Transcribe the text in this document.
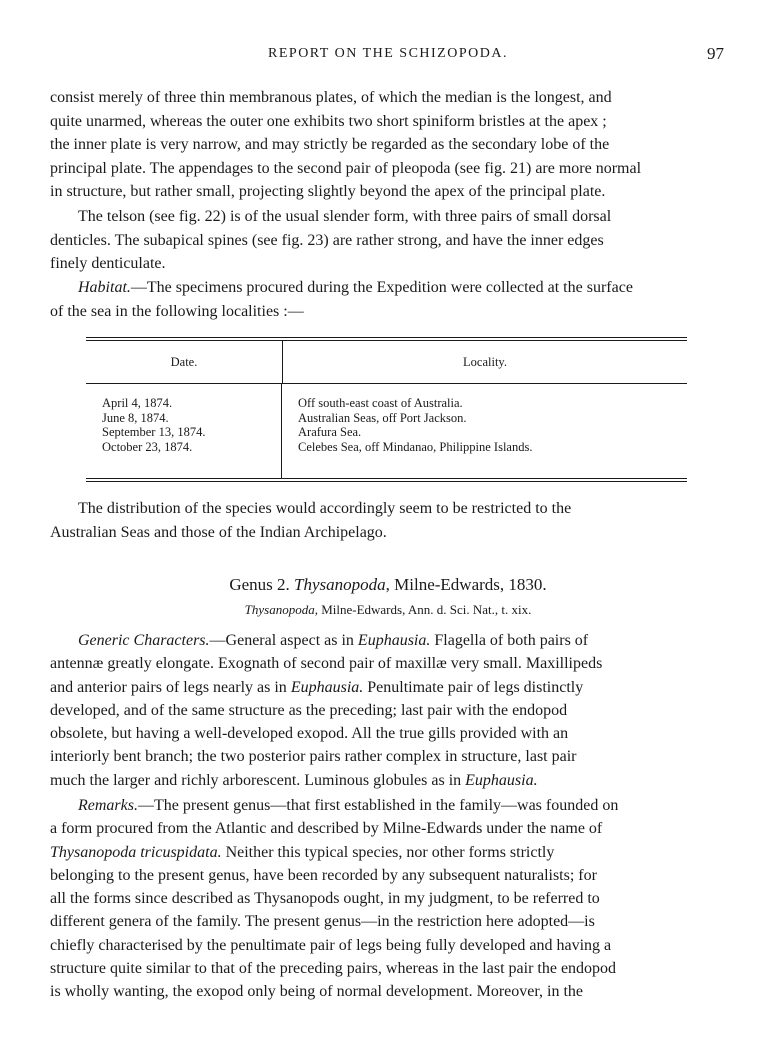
REPORT ON THE SCHIZOPODA.	97

consist merely of three thin membranous plates, of which the median is the longest, and

quite unarmed, whereas the outer one exhibits two short spiniform bristles at the apex ;

the inner plate is very narrow, and may strictly be regarded as the secondary lobe of the

principal plate. The appendages to the second pair of pleopoda (see fig. 21) are more normal

in structure, but rather small, projecting slightly beyond the apex of the principal plate.

The telson (see fig. 22) is of the usual slender form, with three pairs of small dorsal

denticles. The subapical spines (see fig. 23) are rather strong, and have the inner edges

finely denticulate.

Habitat.—The specimens procured during the Expedition were collected at the surface

of the sea in the following localities :—

Date.	Locality.
April 4, 1874.
June 8, 1874.
September 13, 1874.
October 23, 1874.
Off south-east coast of Australia.
Australian Seas, off Port Jackson.
Arafura Sea.
Celebes Sea, off Mindanao, Philippine Islands.

The distribution of the species would accordingly seem to be restricted to the

Australian Seas and those of the Indian Archipelago.

Genus 2. Thysanopoda, Milne-Edwards, 1830.
Thysanopoda, Milne-Edwards, Ann. d. Sci. Nat., t. xix.

Generic Characters.—General aspect as in Euphausia. Flagella of both pairs of

antennæ greatly elongate. Exognath of second pair of maxillæ very small. Maxillipeds

and anterior pairs of legs nearly as in Euphausia. Penultimate pair of legs distinctly

developed, and of the same structure as the preceding; last pair with the endopod

obsolete, but having a well-developed exopod. All the true gills provided with an

interiorly bent branch; the two posterior pairs rather complex in structure, last pair

much the larger and richly arborescent. Luminous globules as in Euphausia.

Remarks.—The present genus—that first established in the family—was founded on

a form procured from the Atlantic and described by Milne-Edwards under the name of

Thysanopoda tricuspidata. Neither this typical species, nor other forms strictly

belonging to the present genus, have been recorded by any subsequent naturalists; for

all the forms since described as Thysanopods ought, in my judgment, to be referred to

different genera of the family. The present genus—in the restriction here adopted—is

chiefly characterised by the penultimate pair of legs being fully developed and having a

structure quite similar to that of the preceding pairs, whereas in the last pair the endopod

is wholly wanting, the exopod only being of normal development. Moreover, in the
